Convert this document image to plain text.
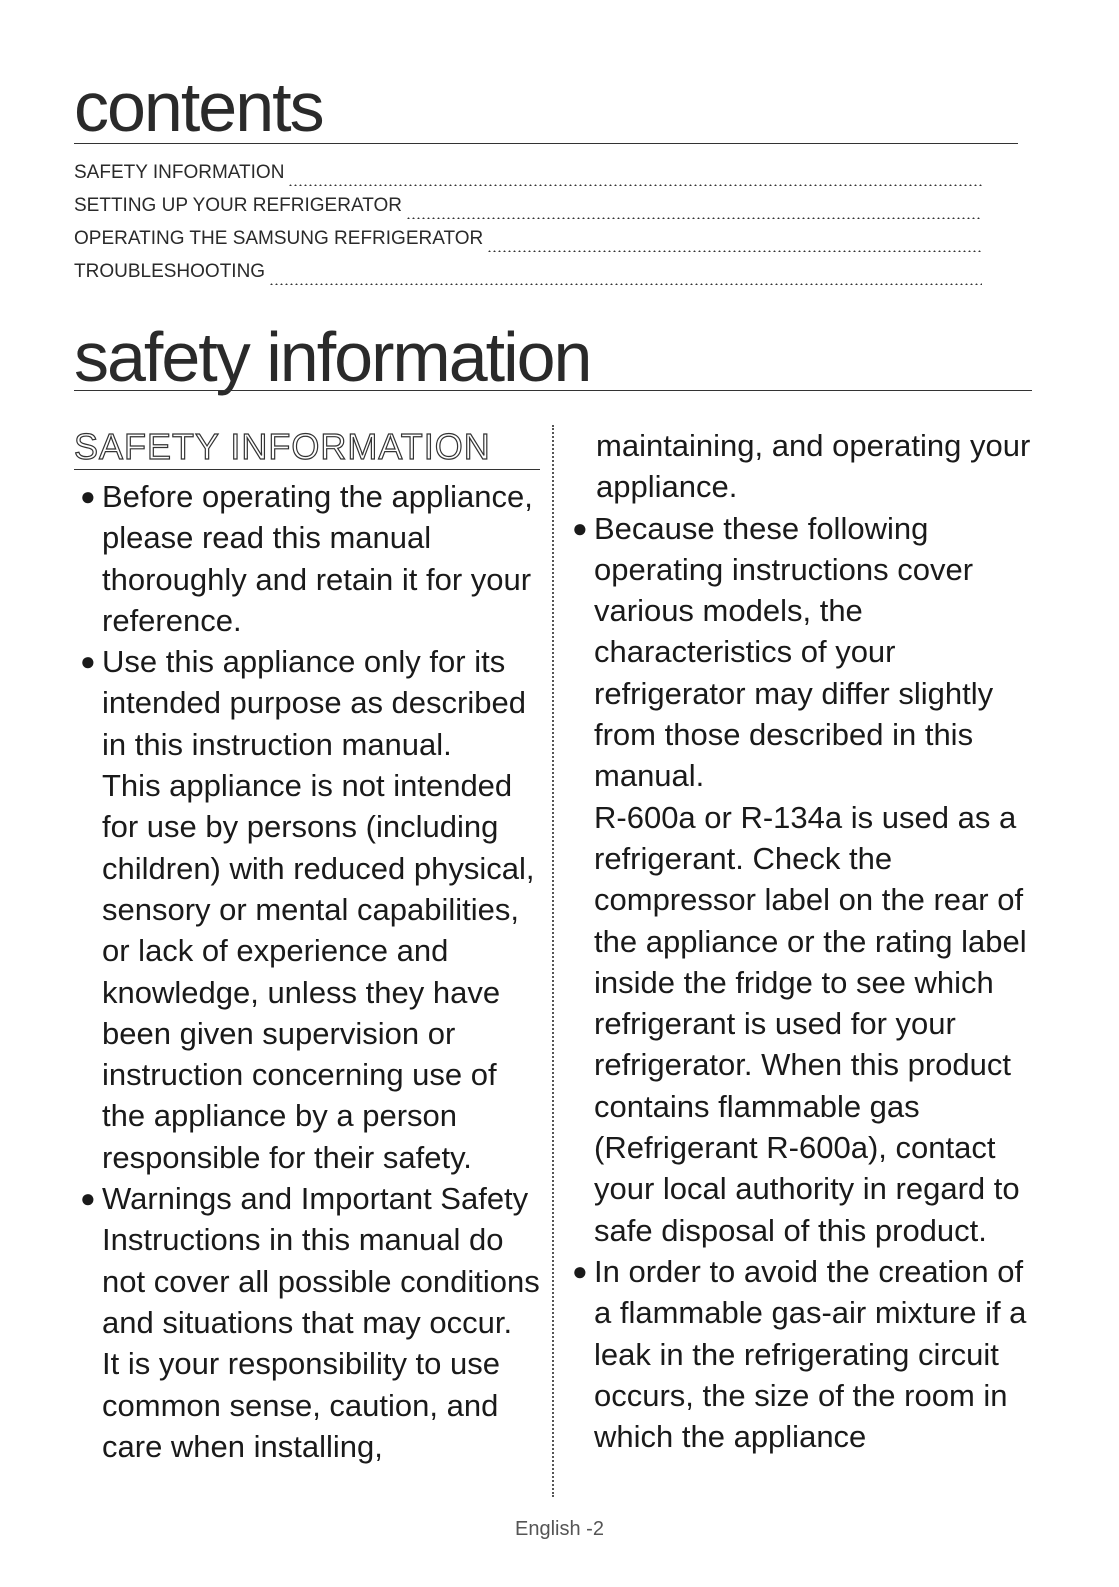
contents
SAFETY INFORMATION
SETTING UP YOUR REFRIGERATOR
OPERATING THE SAMSUNG REFRIGERATOR
TROUBLESHOOTING
safety information
SAFETY INFORMATION
● Before operating the appliance, please read this manual thoroughly and retain it for your reference.

● Use this appliance only for its intended purpose as described in this instruction manual.

This appliance is not intended for use by persons (including children) with reduced physical, sensory or mental capabilities, or lack of experience and knowledge, unless they have been given supervision or instruction concerning use of the appliance by a person responsible for their safety.

● Warnings and Important Safety Instructions in this manual do not cover all possible conditions and situations that may occur.

It is your responsibility to use common sense, caution, and care when installing,

maintaining, and operating your appliance.

● Because these following operating instructions cover various models, the characteristics of your refrigerator may differ slightly from those described in this manual.

R-600a or R-134a is used as a refrigerant. Check the compressor label on the rear of the appliance or the rating label inside the fridge to see which refrigerant is used for your refrigerator. When this product contains flammable gas (Refrigerant R-600a), contact your local authority in regard to safe disposal of this product.

● In order to avoid the creation of a flammable gas-air mixture if a leak in the refrigerating circuit occurs, the size of the room in which the appliance

English -2
